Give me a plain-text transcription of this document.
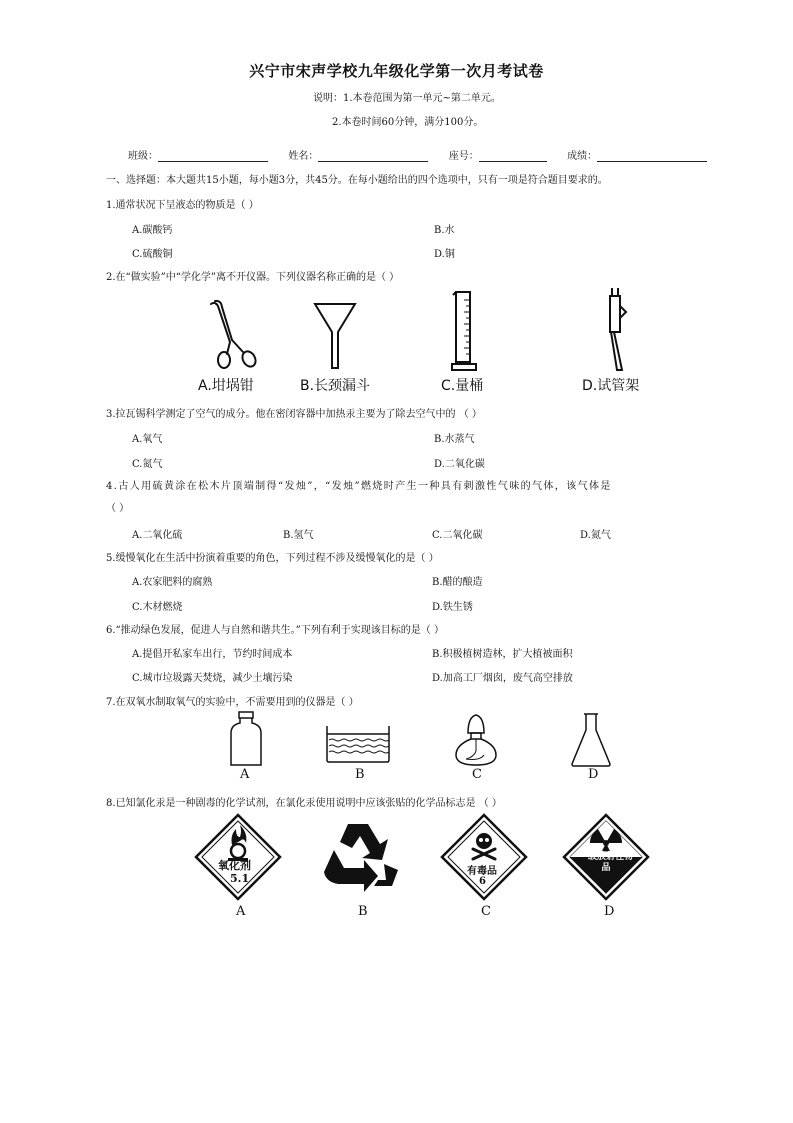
兴宁市宋声学校九年级化学第一次月考试卷
说明：1.本卷范围为第一单元~第二单元。
2.本卷时间60分钟，满分100分。
班级：	姓名：	座号：	成绩：
一、选择题：本大题共15小题，每小题3分，共45分。在每小题给出的四个选项中，只有一项是符合题目要求的。
1.通常状况下呈液态的物质是（ ）
A.碳酸钙	B.水
C.硫酸铜	D.铜
2.在“做实验”中“学化学”离不开仪器。下列仪器名称正确的是（ ）
A.坩埚钳	B.长颈漏斗	C.量桶	D.试管架
3.拉瓦锡科学测定了空气的成分。他在密闭容器中加热汞主要为了除去空气中的 （ ）
A.氧气	B.水蒸气
C.氮气	D.二氧化碳
4.古人用硫黄涂在松木片顶端制得“发烛”，“发烛”燃烧时产生一种具有刺激性气味的气体，该气体是
（ ）
A.二氧化硫	B.氢气	C.二氧化碳	D.氮气
5.缓慢氧化在生活中扮演着重要的角色，下列过程不涉及缓慢氧化的是（ ）
A.农家肥料的腐熟	B.醋的酿造
C.木材燃烧	D.铁生锈
6.“推动绿色发展，促进人与自然和谐共生。”下列有利于实现该目标的是（ ）
A.提倡开私家车出行，节约时间成本	B.积极植树造林，扩大植被面积
C.城市垃圾露天焚烧，减少土壤污染	D.加高工厂烟囱，废气高空排放
7.在双氧水制取氧气的实验中，不需要用到的仪器是（ ）
A	B	C	D
8.已知氯化汞是一种剧毒的化学试剂，在氯化汞使用说明中应该张贴的化学品标志是 （ ）
氧化剂
5.1
有毒品
6
一级放射性物品
A	B	C	D
